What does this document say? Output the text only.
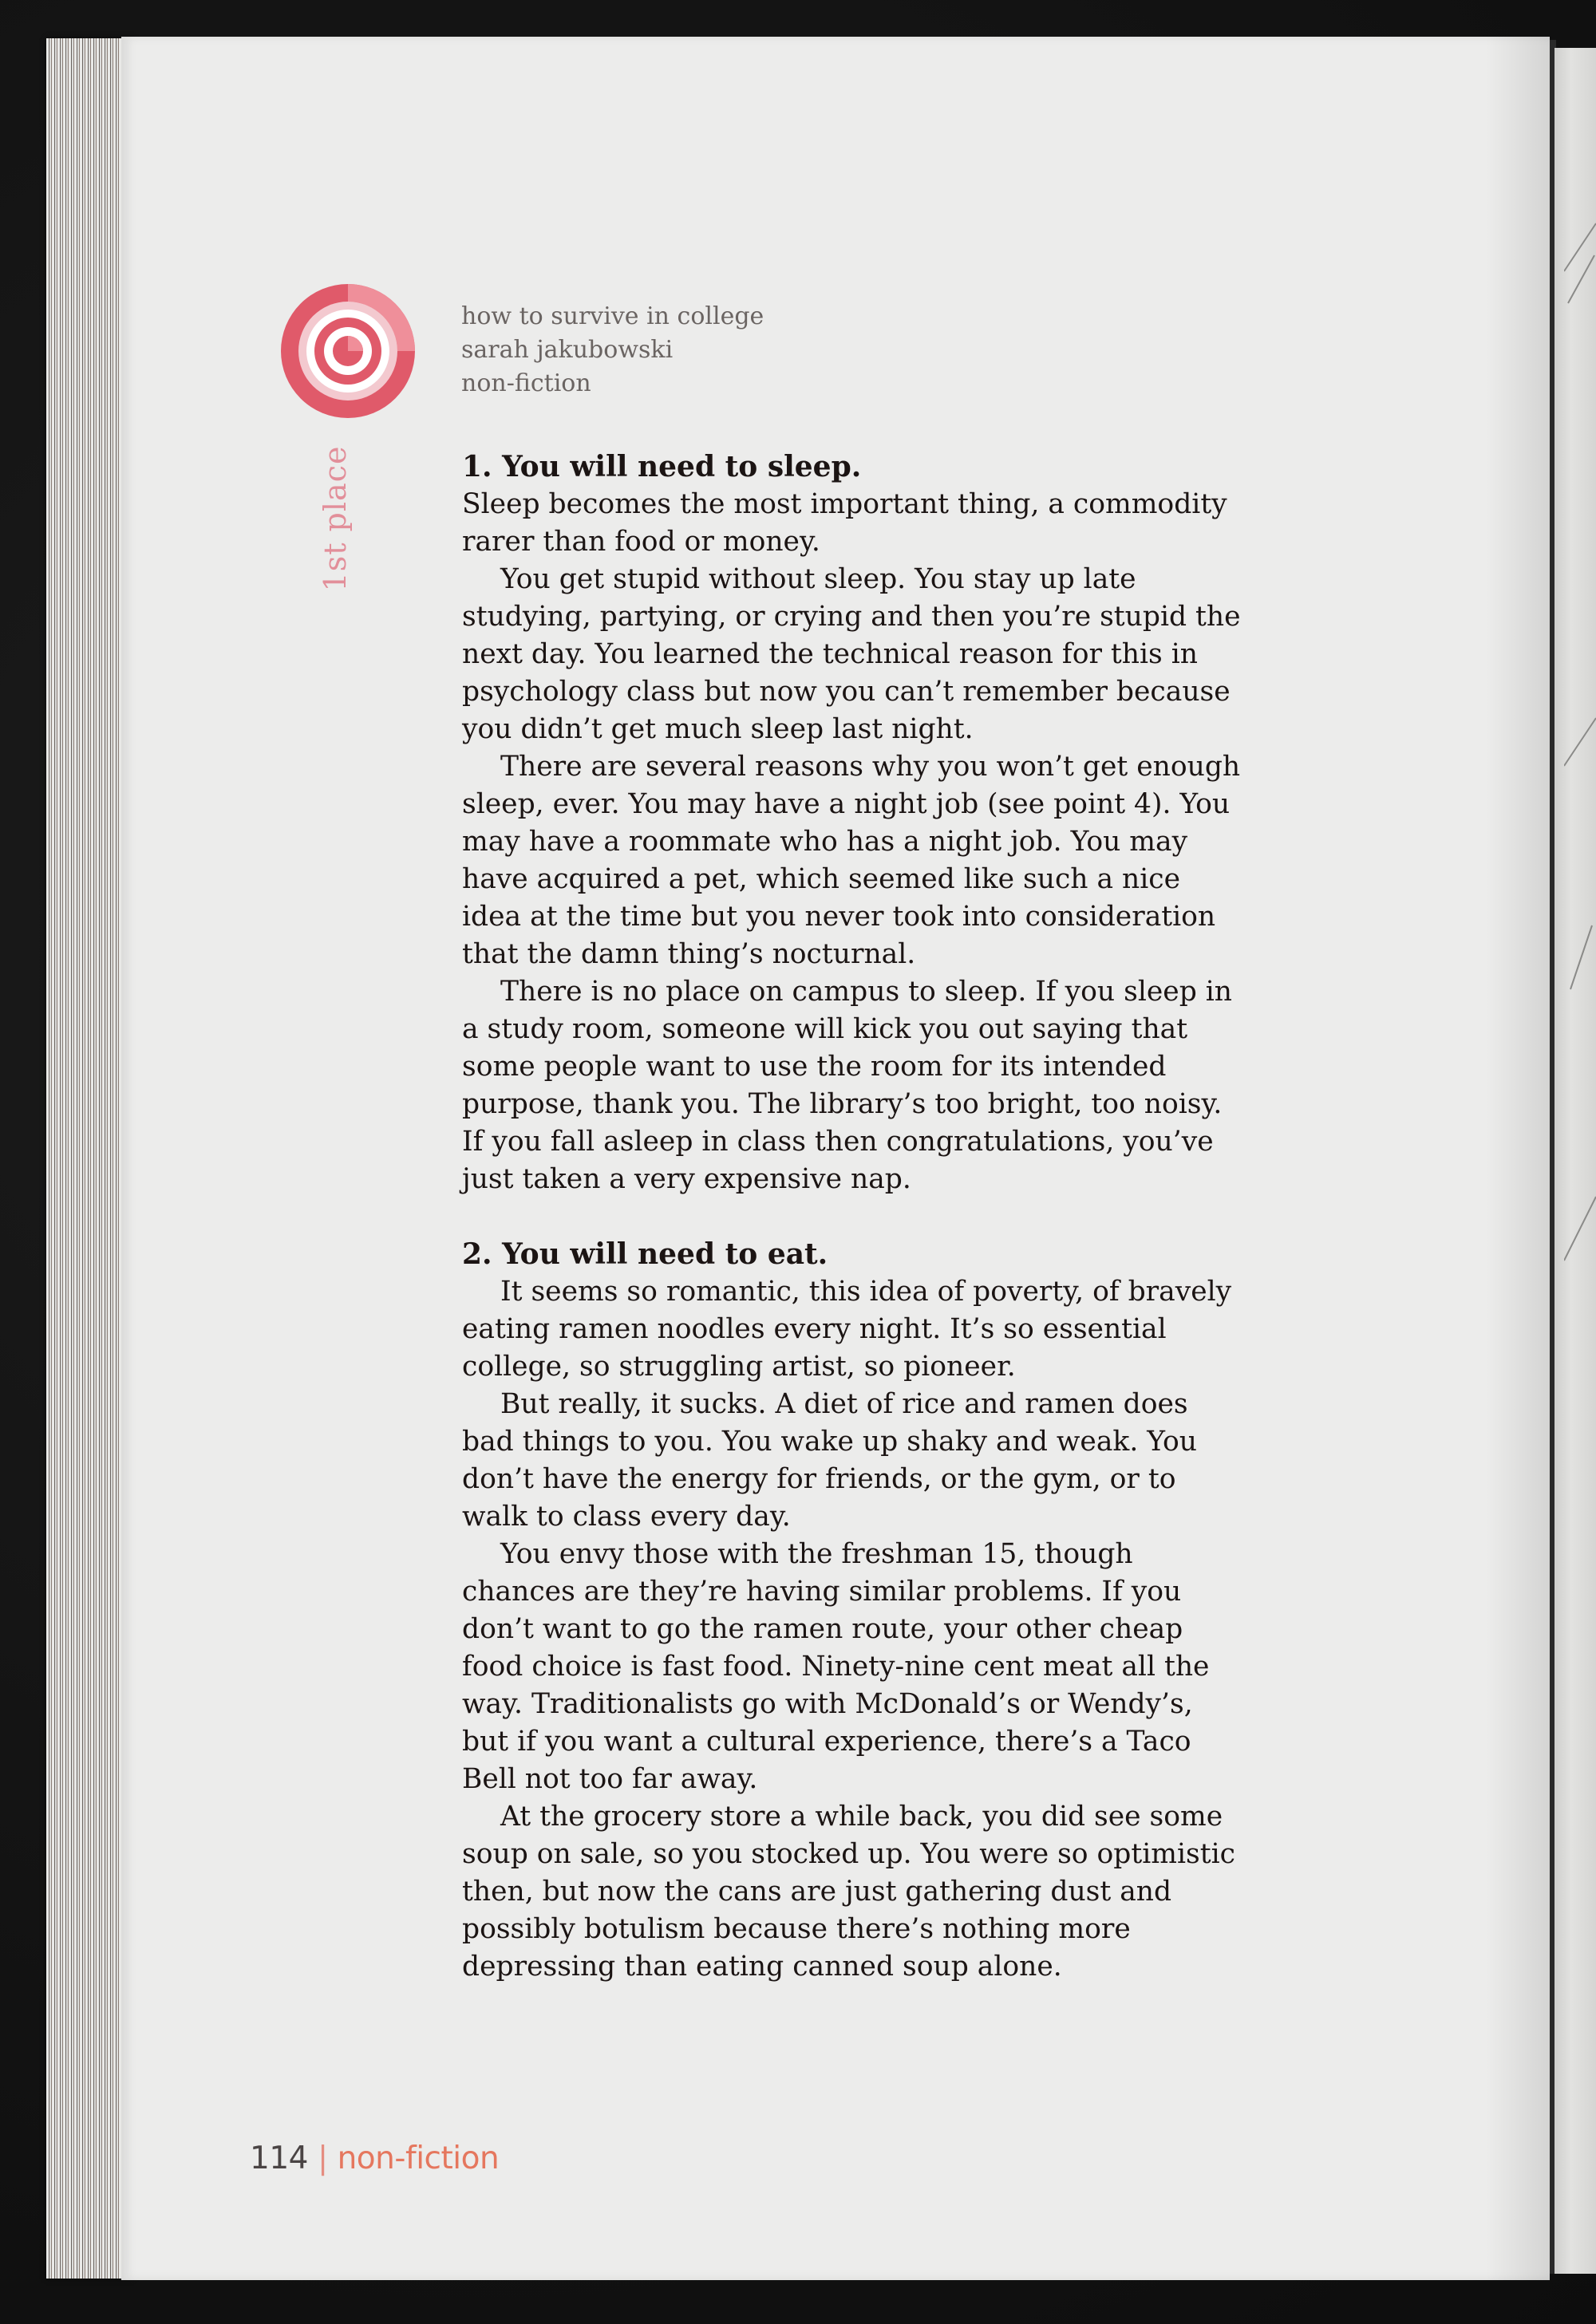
how to survive in college
sarah jakubowski
non-fiction
1st place	1. You will need to sleep.

Sleep becomes the most important thing, a commodity rarer than food or money.

You get stupid without sleep. You stay up late studying, partying, or crying and then you’re stupid the next day. You learned the technical reason for this in psychology class but now you can’t remember because you didn’t get much sleep last night.

There are several reasons why you won’t get enough sleep, ever. You may have a night job (see point 4). You may have a roommate who has a night job. You may have acquired a pet, which seemed like such a nice idea at the time but you never took into consideration that the damn thing’s nocturnal.

There is no place on campus to sleep. If you sleep in a study room, someone will kick you out saying that some people want to use the room for its intended purpose, thank you. The library’s too bright, too noisy. If you fall asleep in class then congratulations, you’ve just taken a very expensive nap.

2. You will need to eat.

It seems so romantic, this idea of poverty, of bravely eating ramen noodles every night. It’s so essential college, so struggling artist, so pioneer.

But really, it sucks. A diet of rice and ramen does bad things to you. You wake up shaky and weak. You don’t have the energy for friends, or the gym, or to walk to class every day.

You envy those with the freshman 15, though chances are they’re having similar problems. If you don’t want to go the ramen route, your other cheap food choice is fast food. Ninety-nine cent meat all the way. Traditionalists go with McDonald’s or Wendy’s, but if you want a cultural experience, there’s a Taco Bell not too far away.

At the grocery store a while back, you did see some soup on sale, so you stocked up. You were so optimistic then, but now the cans are just gathering dust and possibly botulism because there’s nothing more depressing than eating canned soup alone.

114 | non-fiction
